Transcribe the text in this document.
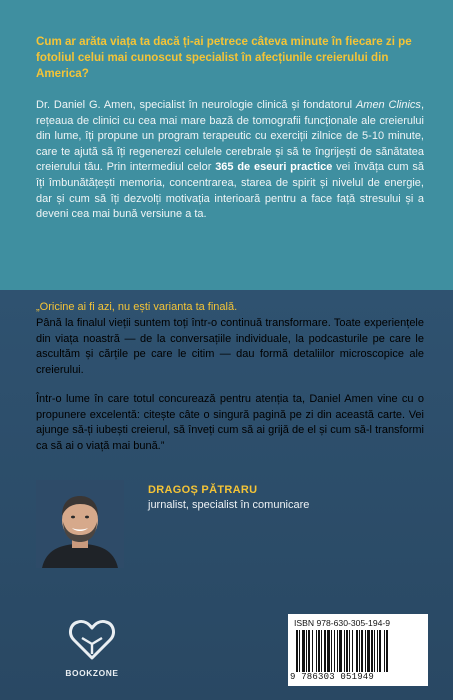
Cum ar arăta viața ta dacă ți-ai petrece câteva minute în fiecare zi pe fotoliul celui mai cunoscut specialist în afecțiunile creierului din America?

Dr. Daniel G. Amen, specialist în neurologie clinică și fondatorul Amen Clinics, rețeaua de clinici cu cea mai mare bază de tomografii funcționale ale creierului din lume, îți propune un program terapeutic cu exerciții zilnice de 5-10 minute, care te ajută să îți regenerezi celulele cerebrale și să te îngrijești de sănătatea creierului tău. Prin intermediul celor 365 de eseuri practice vei învăța cum să îți îmbunătățești memoria, concentrarea, starea de spirit și nivelul de energie, dar și cum să îți dezvolți motivația interioară pentru a face față stresului și a deveni cea mai bună versiune a ta.

„Oricine ai fi azi, nu ești varianta ta finală.

Până la finalul vieții suntem toți într-o continuă transformare. Toate experiențele din viața noastră — de la conversațiile individuale, la podcasturile pe care le ascultăm și cărțile pe care le citim — dau formă detaliilor microscopice ale creierului.

Într-o lume în care totul concurează pentru atenția ta, Daniel Amen vine cu o propunere excelentă: citește câte o singură pagină pe zi din această carte. Vei ajunge să-ți iubești creierul, să înveți cum să ai grijă de el și cum să-l transformi ca să ai o viață mai bună.”

DRAGOȘ PĂTRARU
jurnalist, specialist în comunicare
BOOKZONE
ISBN 978-630-305-194-9
9 786303 051949
